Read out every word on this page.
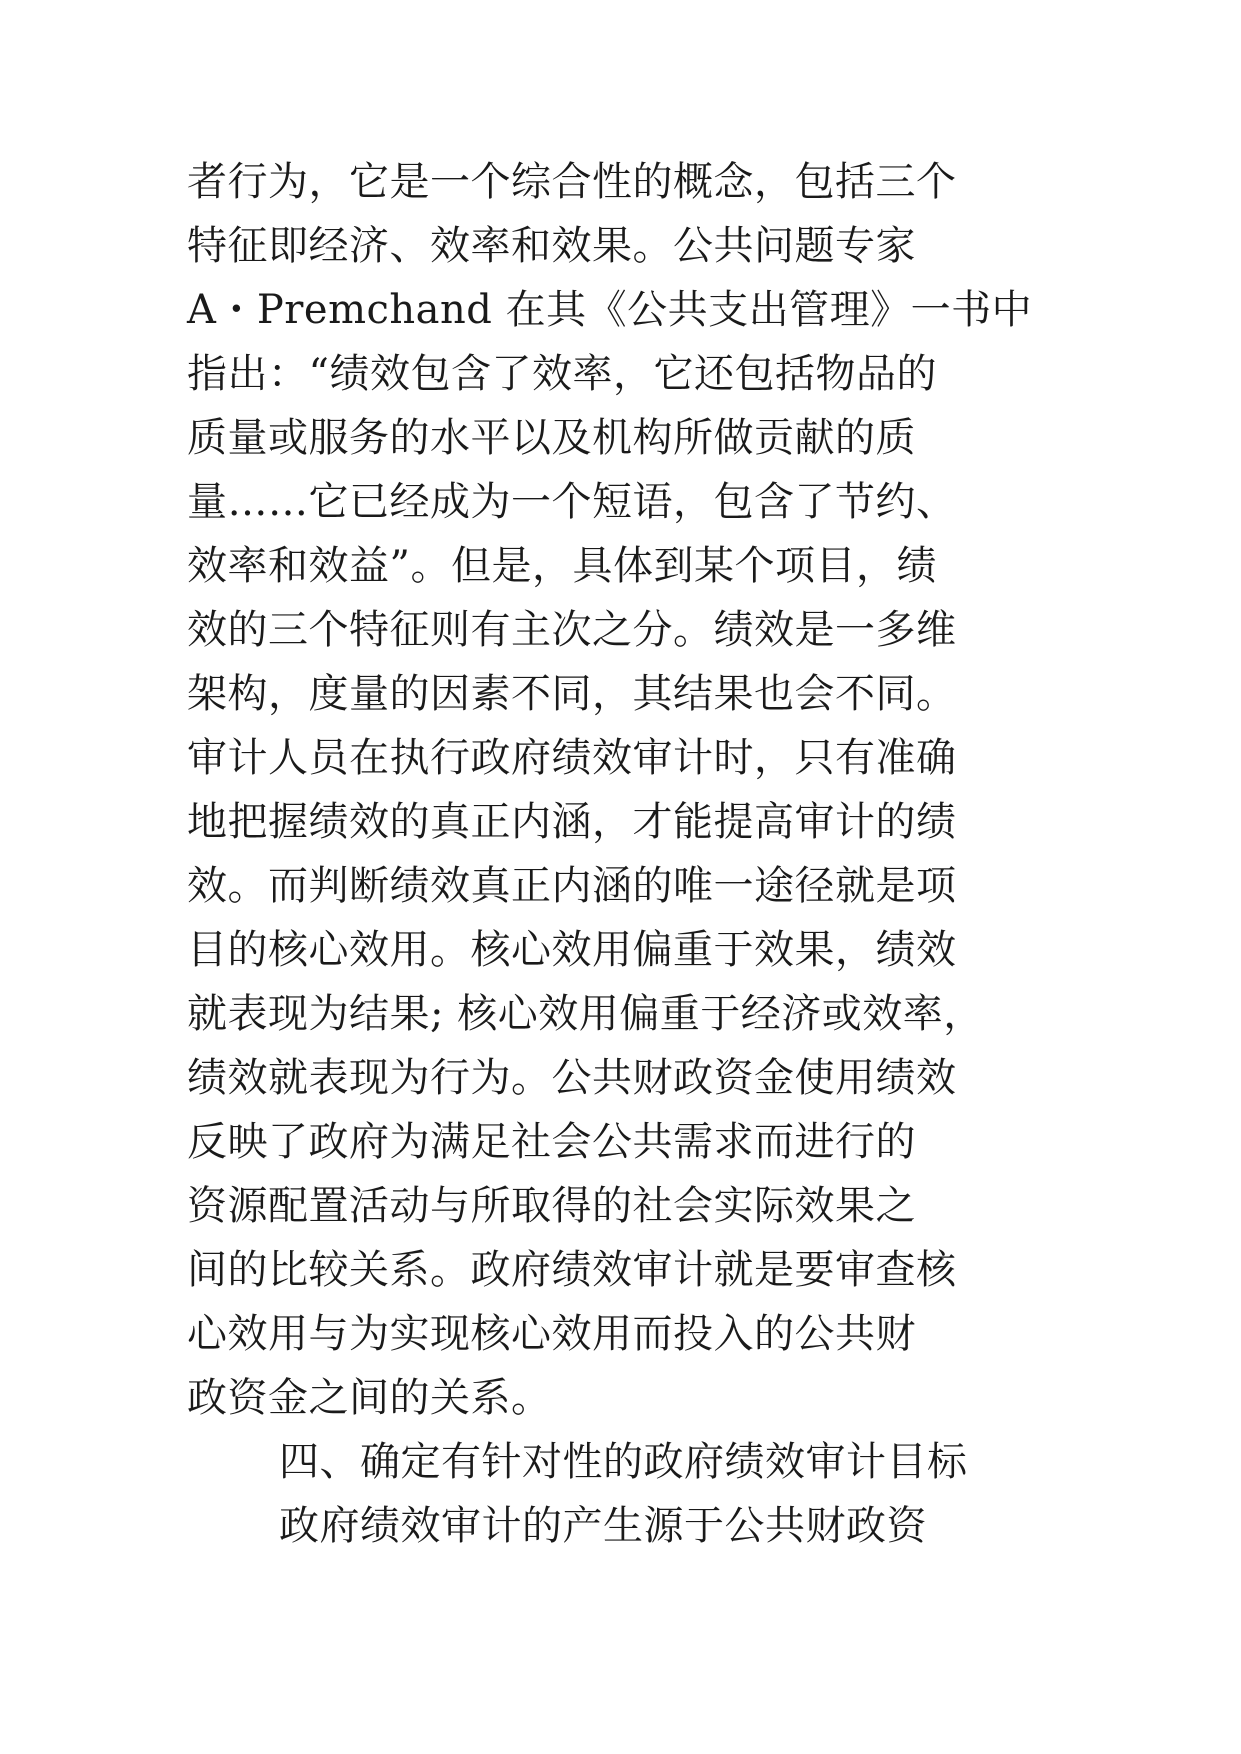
者行为，它是一个综合性的概念，包括三个
特征即经济、效率和效果。公共问题专家
A・Premchand 在其《公共支出管理》一书中
指出：“绩效包含了效率，它还包括物品的
质量或服务的水平以及机构所做贡献的质
量……它已经成为一个短语，包含了节约、
效率和效益”。但是，具体到某个项目，绩
效的三个特征则有主次之分。绩效是一多维
架构，度量的因素不同，其结果也会不同。
审计人员在执行政府绩效审计时，只有准确
地把握绩效的真正内涵，才能提高审计的绩
效。而判断绩效真正内涵的唯一途径就是项
目的核心效用。核心效用偏重于效果，绩效
就表现为结果; 核心效用偏重于经济或效率，
绩效就表现为行为。公共财政资金使用绩效
反映了政府为满足社会公共需求而进行的
资源配置活动与所取得的社会实际效果之
间的比较关系。政府绩效审计就是要审查核
心效用与为实现核心效用而投入的公共财
政资金之间的关系。
四、确定有针对性的政府绩效审计目标
政府绩效审计的产生源于公共财政资
